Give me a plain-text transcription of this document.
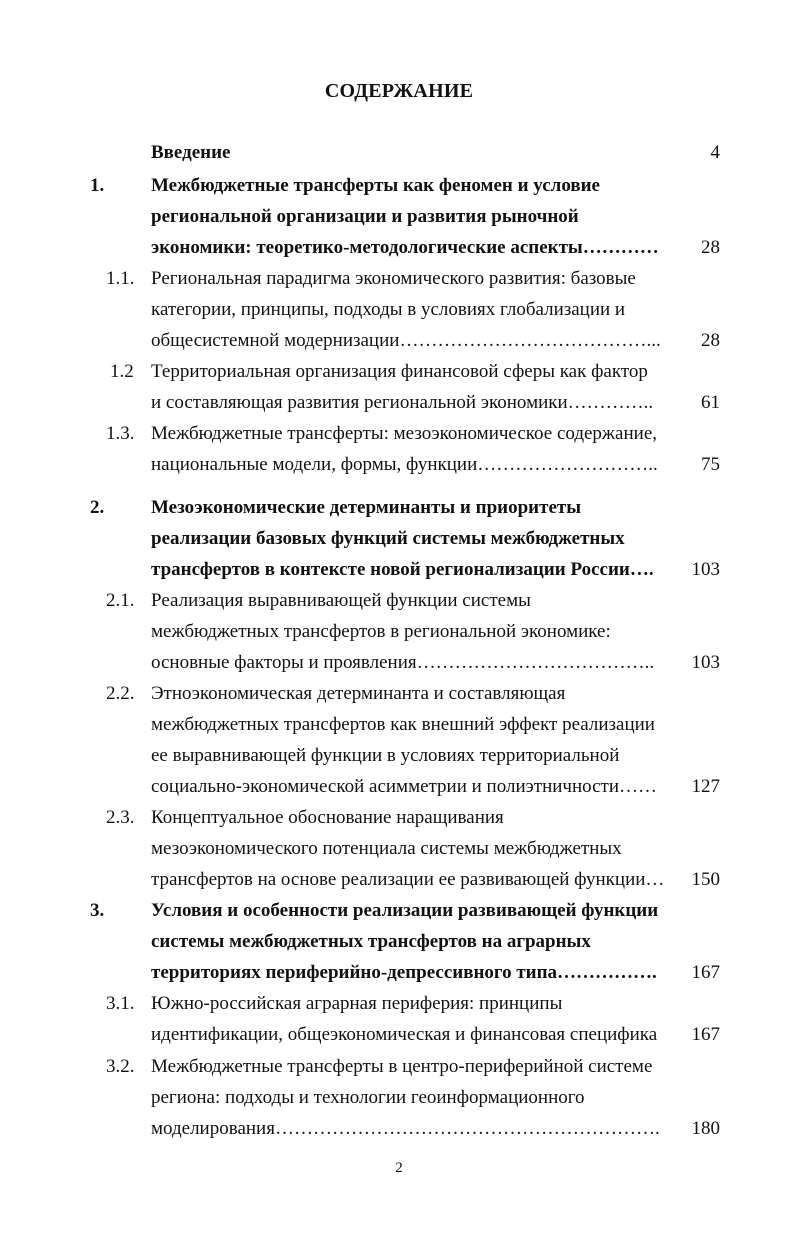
СОДЕРЖАНИЕ
Введение	4
1. Межбюджетные трансферты как феномен и условие
региональной организации и развития рыночной
экономики: теоретико-методологические аспекты…………	28
1.1. Региональная парадигма экономического развития: базовые
категории, принципы, подходы в условиях глобализации и
общесистемной модернизации…………………………………...	28
1.2 Территориальная организация финансовой сферы как фактор
и составляющая развития региональной экономики…………..	61
1.3. Межбюджетные трансферты: мезоэкономическое содержание,
национальные модели, формы, функции………………………..	75
2. Мезоэкономические детерминанты и приоритеты
реализации базовых функций системы межбюджетных
трансфертов в контексте новой регионализации России….	103
2.1. Реализация выравнивающей функции системы
межбюджетных трансфертов в региональной экономике:
основные факторы и проявления………………………………..	103
2.2. Этноэкономическая детерминанта и составляющая
межбюджетных трансфертов как внешний эффект реализации
ее выравнивающей функции в условиях территориальной
социально-экономической асимметрии и полиэтничности……	127
2.3. Концептуальное обоснование наращивания
мезоэкономического потенциала системы межбюджетных
трансфертов на основе реализации ее развивающей функции…	150
3. Условия и особенности реализации развивающей функции
системы межбюджетных трансфертов на аграрных
территориях периферийно-депрессивного типа…………….	167
3.1. Южно-российская аграрная периферия: принципы
идентификации, общеэкономическая и финансовая специфика	167
3.2. Межбюджетные трансферты в центро-периферийной системе
региона: подходы и технологии геоинформационного
моделирования…………………………………………………….	180
2
